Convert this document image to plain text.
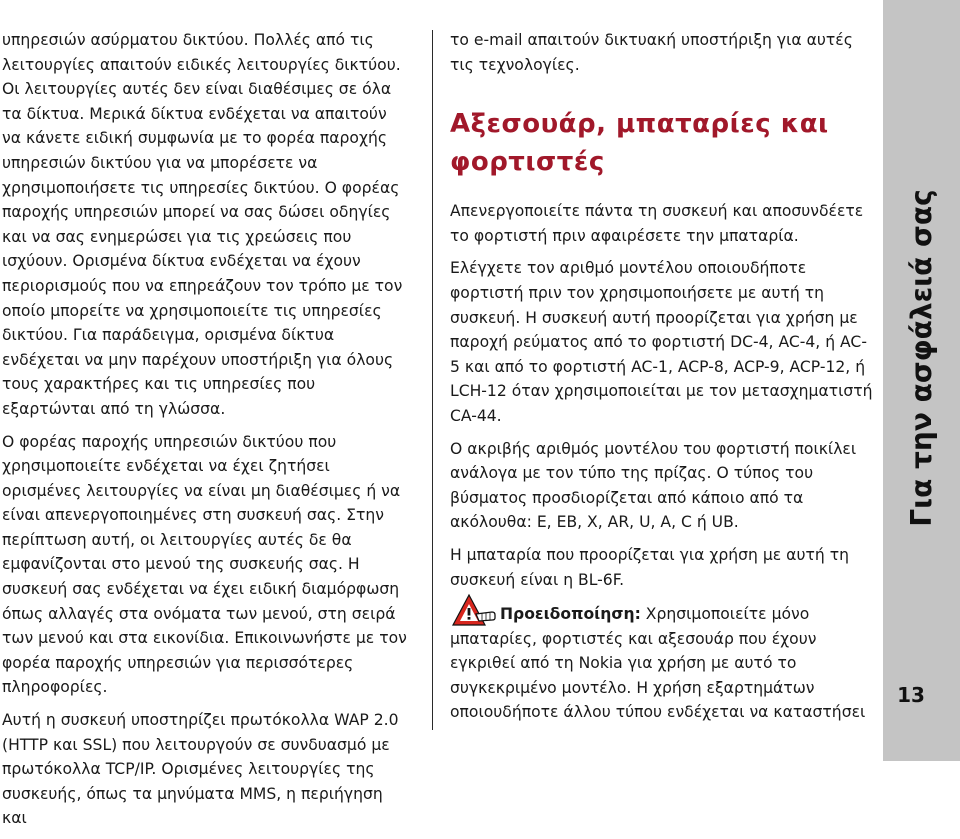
υπηρεσιών ασύρματου δικτύου. Πολλές από τις λειτουργίες απαιτούν ειδικές λειτουργίες δικτύου. Οι λειτουργίες αυτές δεν είναι διαθέσιμες σε όλα τα δίκτυα. Μερικά δίκτυα ενδέχεται να απαιτούν να κάνετε ειδική συμφωνία με το φορέα παροχής υπηρεσιών δικτύου για να μπορέσετε να χρησιμοποιήσετε τις υπηρεσίες δικτύου. Ο φορέας παροχής υπηρεσιών μπορεί να σας δώσει οδηγίες και να σας ενημερώσει για τις χρεώσεις που ισχύουν. Ορισμένα δίκτυα ενδέχεται να έχουν περιορισμούς που να επηρεάζουν τον τρόπο με τον οποίο μπορείτε να χρησιμοποιείτε τις υπηρεσίες δικτύου. Για παράδειγμα, ορισμένα δίκτυα ενδέχεται να μην παρέχουν υποστήριξη για όλους τους χαρακτήρες και τις υπηρεσίες που εξαρτώνται από τη γλώσσα.

Ο φορέας παροχής υπηρεσιών δικτύου που χρησιμοποιείτε ενδέχεται να έχει ζητήσει ορισμένες λειτουργίες να είναι μη διαθέσιμες ή να είναι απενεργοποιημένες στη συσκευή σας. Στην περίπτωση αυτή, οι λειτουργίες αυτές δε θα εμφανίζονται στο μενού της συσκευής σας. Η συσκευή σας ενδέχεται να έχει ειδική διαμόρφωση όπως αλλαγές στα ονόματα των μενού, στη σειρά των μενού και στα εικονίδια. Επικοινωνήστε με τον φορέα παροχής υπηρεσιών για περισσότερες πληροφορίες.

Αυτή η συσκευή υποστηρίζει πρωτόκολλα WAP 2.0 (HTTP και SSL) που λειτουργούν σε συνδυασμό με πρωτόκολλα TCP/IP. Ορισμένες λειτουργίες της συσκευής, όπως τα μηνύματα MMS, η περιήγηση και

το e-mail απαιτούν δικτυακή υποστήριξη για αυτές τις τεχνολογίες.

Αξεσουάρ, μπαταρίες και φορτιστές

Απενεργοποιείτε πάντα τη συσκευή και αποσυνδέετε το φορτιστή πριν αφαιρέσετε την μπαταρία.

Ελέγχετε τον αριθμό μοντέλου οποιουδήποτε φορτιστή πριν τον χρησιμοποιήσετε με αυτή τη συσκευή. Η συσκευή αυτή προορίζεται για χρήση με παροχή ρεύματος από το φορτιστή DC-4, AC-4, ή AC-5 και από το φορτιστή AC-1, ACP-8, ACP-9, ACP-12, ή LCH-12 όταν χρησιμοποιείται με τον μετασχηματιστή CA-44.

Ο ακριβής αριθμός μοντέλου του φορτιστή ποικίλει ανάλογα με τον τύπο της πρίζας. Ο τύπος του βύσματος προσδιορίζεται από κάποιο από τα ακόλουθα: E, EB, X, AR, U, A, C ή UB.

Η μπαταρία που προορίζεται για χρήση με αυτή τη συσκευή είναι η BL-6F.

Προειδοποίηση: Χρησιμοποιείτε μόνο μπαταρίες, φορτιστές και αξεσουάρ που έχουν εγκριθεί από τη Nokia για χρήση με αυτό το συγκεκριμένο μοντέλο. Η χρήση εξαρτημάτων οποιουδήποτε άλλου τύπου ενδέχεται να καταστήσει

Για την ασφάλειά σας
13
